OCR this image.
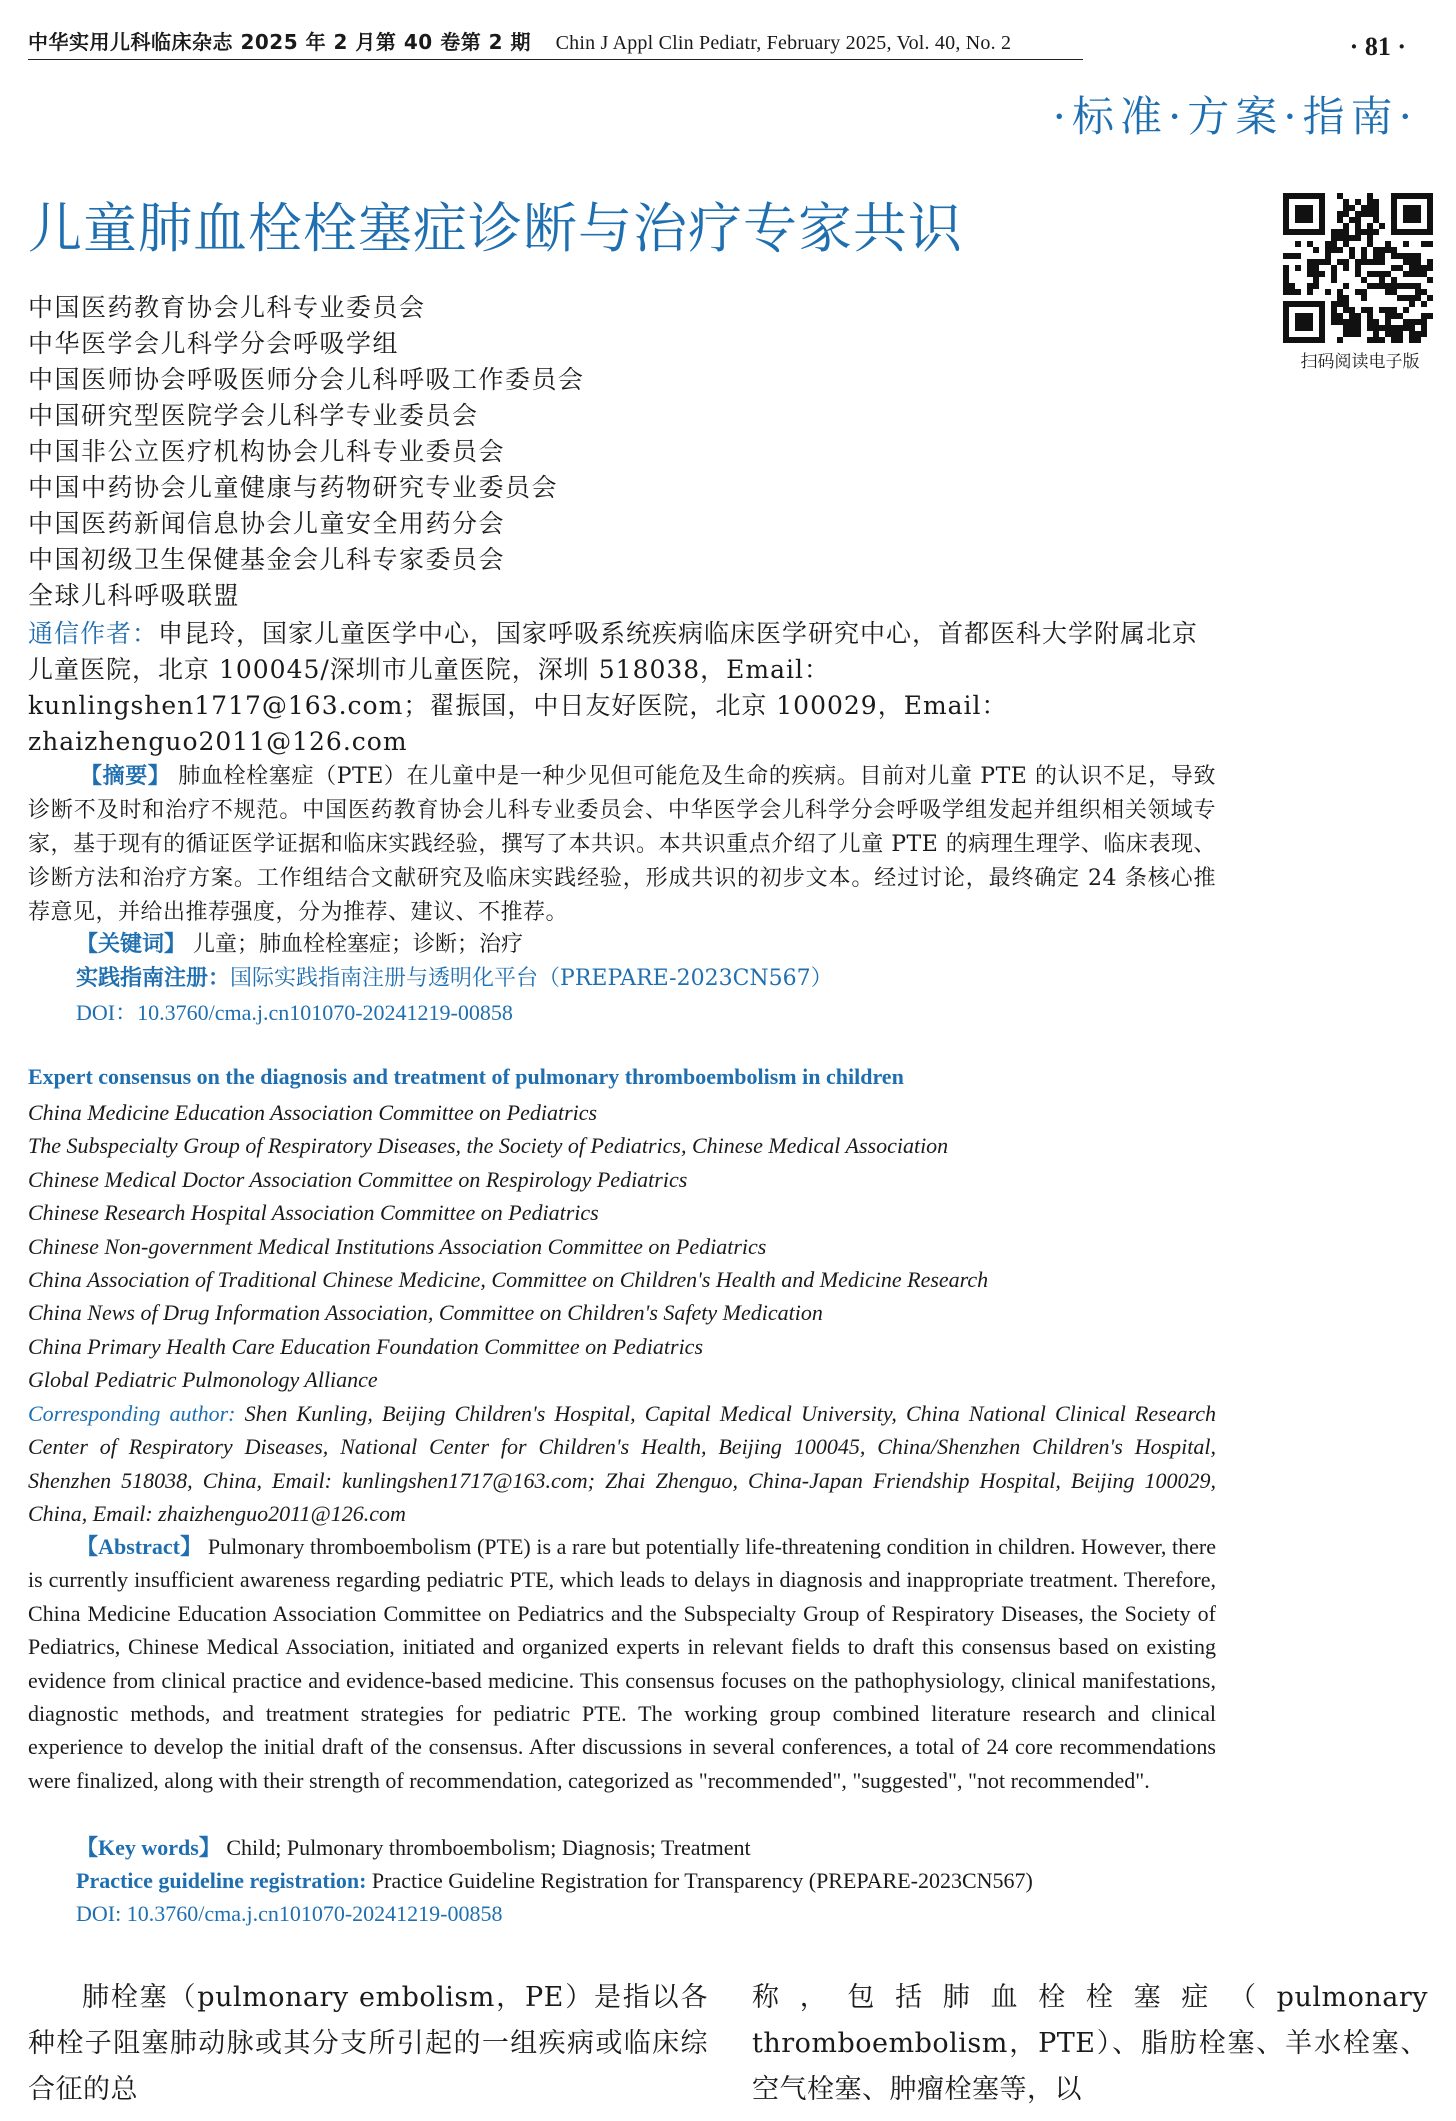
中华实用儿科临床杂志 2025 年 2 月第 40 卷第 2 期 Chin J Appl Clin Pediatr, February 2025, Vol. 40, No. 2	· 81 ·
·标准·方案·指南·
儿童肺血栓栓塞症诊断与治疗专家共识
扫码阅读电子版
中国医药教育协会儿科专业委员会
中华医学会儿科学分会呼吸学组
中国医师协会呼吸医师分会儿科呼吸工作委员会
中国研究型医院学会儿科学专业委员会
中国非公立医疗机构协会儿科专业委员会
中国中药协会儿童健康与药物研究专业委员会
中国医药新闻信息协会儿童安全用药分会
中国初级卫生保健基金会儿科专家委员会
全球儿科呼吸联盟
通信作者：申昆玲，国家儿童医学中心，国家呼吸系统疾病临床医学研究中心，首都医科大学附属北京儿童医院，北京 100045/深圳市儿童医院，深圳 518038，Email：kunlingshen1717@163.com；翟振国，中日友好医院，北京 100029，Email：zhaizhenguo2011@126.com
【摘要】 肺血栓栓塞症（PTE）在儿童中是一种少见但可能危及生命的疾病。目前对儿童 PTE 的认识不足，导致诊断不及时和治疗不规范。中国医药教育协会儿科专业委员会、中华医学会儿科学分会呼吸学组发起并组织相关领域专家，基于现有的循证医学证据和临床实践经验，撰写了本共识。本共识重点介绍了儿童 PTE 的病理生理学、临床表现、诊断方法和治疗方案。工作组结合文献研究及临床实践经验，形成共识的初步文本。经过讨论，最终确定 24 条核心推荐意见，并给出推荐强度，分为推荐、建议、不推荐。
【关键词】 儿童；肺血栓栓塞症；诊断；治疗
实践指南注册：国际实践指南注册与透明化平台（PREPARE-2023CN567）
DOI：10.3760/cma.j.cn101070-20241219-00858
Expert consensus on the diagnosis and treatment of pulmonary thromboembolism in children
China Medicine Education Association Committee on Pediatrics
The Subspecialty Group of Respiratory Diseases, the Society of Pediatrics, Chinese Medical Association
Chinese Medical Doctor Association Committee on Respirology Pediatrics
Chinese Research Hospital Association Committee on Pediatrics
Chinese Non-government Medical Institutions Association Committee on Pediatrics
China Association of Traditional Chinese Medicine, Committee on Children's Health and Medicine Research
China News of Drug Information Association, Committee on Children's Safety Medication
China Primary Health Care Education Foundation Committee on Pediatrics
Global Pediatric Pulmonology Alliance
Corresponding author: Shen Kunling, Beijing Children's Hospital, Capital Medical University, China National Clinical Research Center of Respiratory Diseases, National Center for Children's Health, Beijing 100045, China/Shenzhen Children's Hospital, Shenzhen 518038, China, Email: kunlingshen1717@163.com; Zhai Zhenguo, China-Japan Friendship Hospital, Beijing 100029, China, Email: zhaizhenguo2011@126.com
【Abstract】 Pulmonary thromboembolism (PTE) is a rare but potentially life-threatening condition in children. However, there is currently insufficient awareness regarding pediatric PTE, which leads to delays in diagnosis and inappropriate treatment. Therefore, China Medicine Education Association Committee on Pediatrics and the Subspecialty Group of Respiratory Diseases, the Society of Pediatrics, Chinese Medical Association, initiated and organized experts in relevant fields to draft this consensus based on existing evidence from clinical practice and evidence-based medicine. This consensus focuses on the pathophysiology, clinical manifestations, diagnostic methods, and treatment strategies for pediatric PTE. The working group combined literature research and clinical experience to develop the initial draft of the consensus. After discussions in several conferences, a total of 24 core recommendations were finalized, along with their strength of recommendation, categorized as "recommended", "suggested", "not recommended".
【Key words】 Child; Pulmonary thromboembolism; Diagnosis; Treatment
Practice guideline registration: Practice Guideline Registration for Transparency (PREPARE-2023CN567)
DOI: 10.3760/cma.j.cn101070-20241219-00858
肺栓塞（pulmonary embolism，PE）是指以各种栓子阻塞肺动脉或其分支所引起的一组疾病或临床综合征的总
称，包括肺血栓栓塞症（pulmonary thromboembolism，PTE）、脂肪栓塞、羊水栓塞、空气栓塞、肿瘤栓塞等，以
